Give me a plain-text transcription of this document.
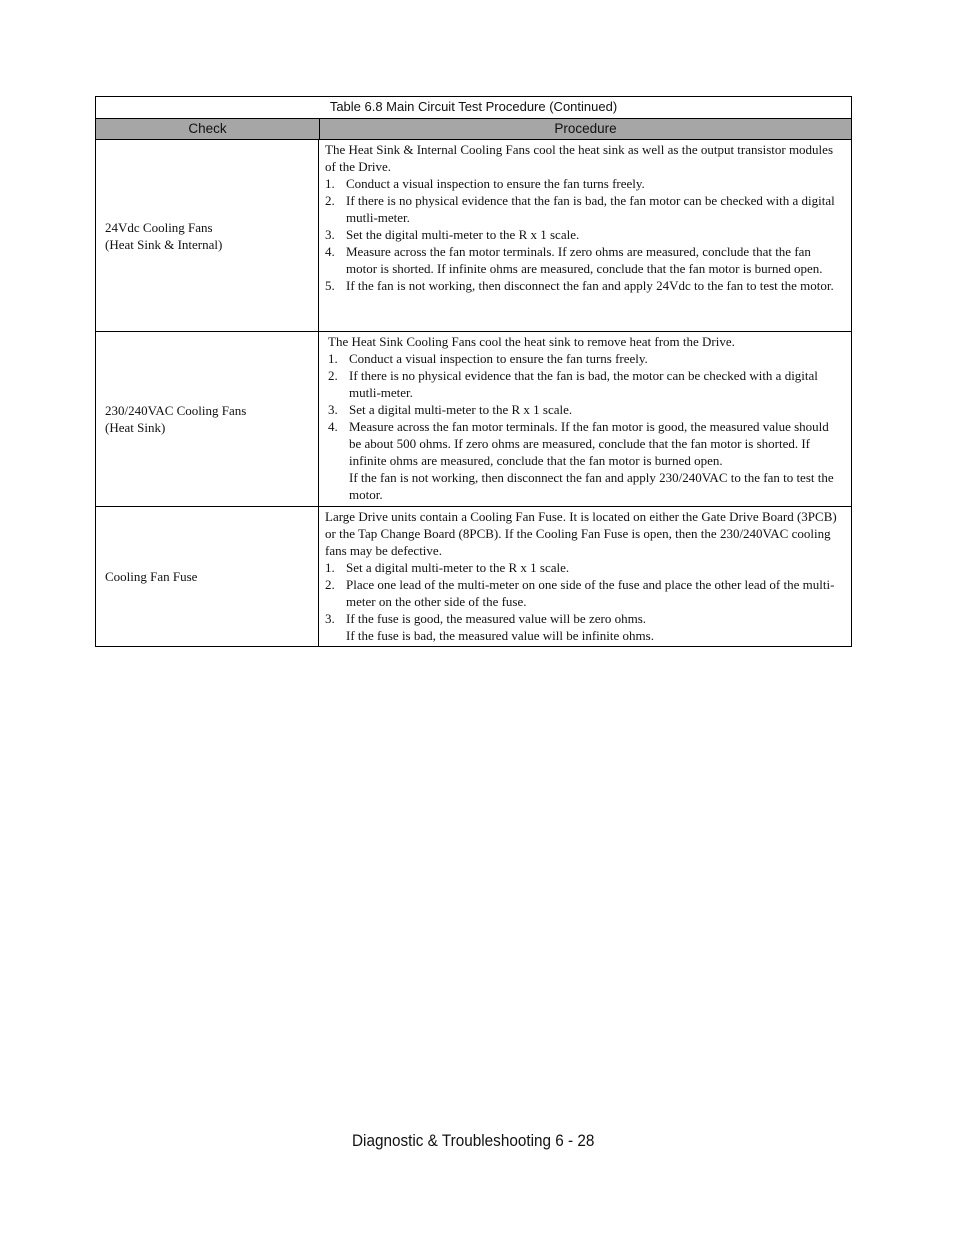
Table 6.8 Main Circuit Test Procedure (Continued)
Check	Procedure
24Vdc Cooling Fans
(Heat Sink & Internal)
The Heat Sink & Internal Cooling Fans cool the heat sink as well as the output transistor modules of the Drive.
1. Conduct a visual inspection to ensure the fan turns freely.
2. If there is no physical evidence that the fan is bad, the fan motor can be checked with a digital mutli-meter.
3. Set the digital multi-meter to the R x 1 scale.
4. Measure across the fan motor terminals. If zero ohms are measured, conclude that the fan motor is shorted. If infinite ohms are measured, conclude that the fan motor is burned open.
5. If the fan is not working, then disconnect the fan and apply 24Vdc to the fan to test the motor.
230/240VAC Cooling Fans
(Heat Sink)
The Heat Sink Cooling Fans cool the heat sink to remove heat from the Drive.
1. Conduct a visual inspection to ensure the fan turns freely.
2. If there is no physical evidence that the fan is bad, the motor can be checked with a digital mutli-meter.
3. Set a digital multi-meter to the R x 1 scale.
4. Measure across the fan motor terminals. If the fan motor is good, the measured value should be about 500 ohms. If zero ohms are measured, conclude that the fan motor is shorted. If infinite ohms are measured, conclude that the fan motor is burned open.
If the fan is not working, then disconnect the fan and apply 230/240VAC to the fan to test the motor.
Cooling Fan Fuse
Large Drive units contain a Cooling Fan Fuse. It is located on either the Gate Drive Board (3PCB) or the Tap Change Board (8PCB). If the Cooling Fan Fuse is open, then the 230/240VAC cooling fans may be defective.
1. Set a digital multi-meter to the R x 1 scale.
2. Place one lead of the multi-meter on one side of the fuse and place the other lead of the multi-meter on the other side of the fuse.
3. If the fuse is good, the measured value will be zero ohms.
If the fuse is bad, the measured value will be infinite ohms.
Diagnostic & Troubleshooting 6 - 28
